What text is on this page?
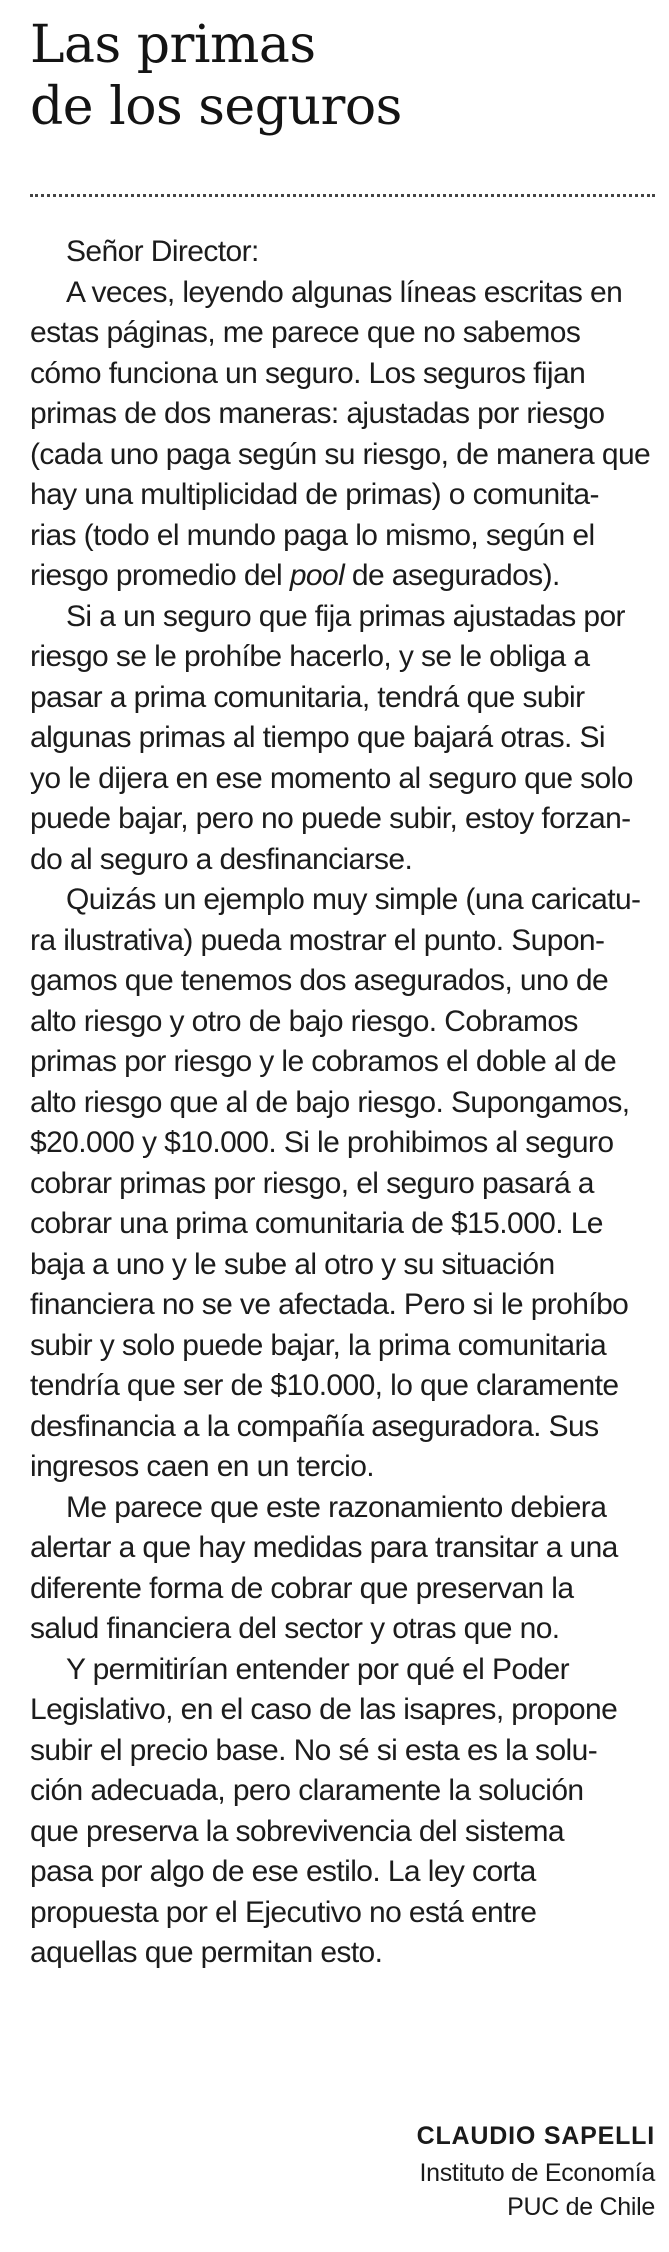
Las primas
de los seguros
Señor Director:
A veces, leyendo algunas líneas escritas en
estas páginas, me parece que no sabemos
cómo funciona un seguro. Los seguros fijan
primas de dos maneras: ajustadas por riesgo
(cada uno paga según su riesgo, de manera que
hay una multiplicidad de primas) o comunita-
rias (todo el mundo paga lo mismo, según el
riesgo promedio del pool de asegurados).
Si a un seguro que fija primas ajustadas por
riesgo se le prohíbe hacerlo, y se le obliga a
pasar a prima comunitaria, tendrá que subir
algunas primas al tiempo que bajará otras. Si
yo le dijera en ese momento al seguro que solo
puede bajar, pero no puede subir, estoy forzan-
do al seguro a desfinanciarse.
Quizás un ejemplo muy simple (una caricatu-
ra ilustrativa) pueda mostrar el punto. Supon-
gamos que tenemos dos asegurados, uno de
alto riesgo y otro de bajo riesgo. Cobramos
primas por riesgo y le cobramos el doble al de
alto riesgo que al de bajo riesgo. Supongamos,
$20.000 y $10.000. Si le prohibimos al seguro
cobrar primas por riesgo, el seguro pasará a
cobrar una prima comunitaria de $15.000. Le
baja a uno y le sube al otro y su situación
financiera no se ve afectada. Pero si le prohíbo
subir y solo puede bajar, la prima comunitaria
tendría que ser de $10.000, lo que claramente
desfinancia a la compañía aseguradora. Sus
ingresos caen en un tercio.
Me parece que este razonamiento debiera
alertar a que hay medidas para transitar a una
diferente forma de cobrar que preservan la
salud financiera del sector y otras que no.
Y permitirían entender por qué el Poder
Legislativo, en el caso de las isapres, propone
subir el precio base. No sé si esta es la solu-
ción adecuada, pero claramente la solución
que preserva la sobrevivencia del sistema
pasa por algo de ese estilo. La ley corta
propuesta por el Ejecutivo no está entre
aquellas que permitan esto.
CLAUDIO SAPELLI
Instituto de Economía
PUC de Chile
